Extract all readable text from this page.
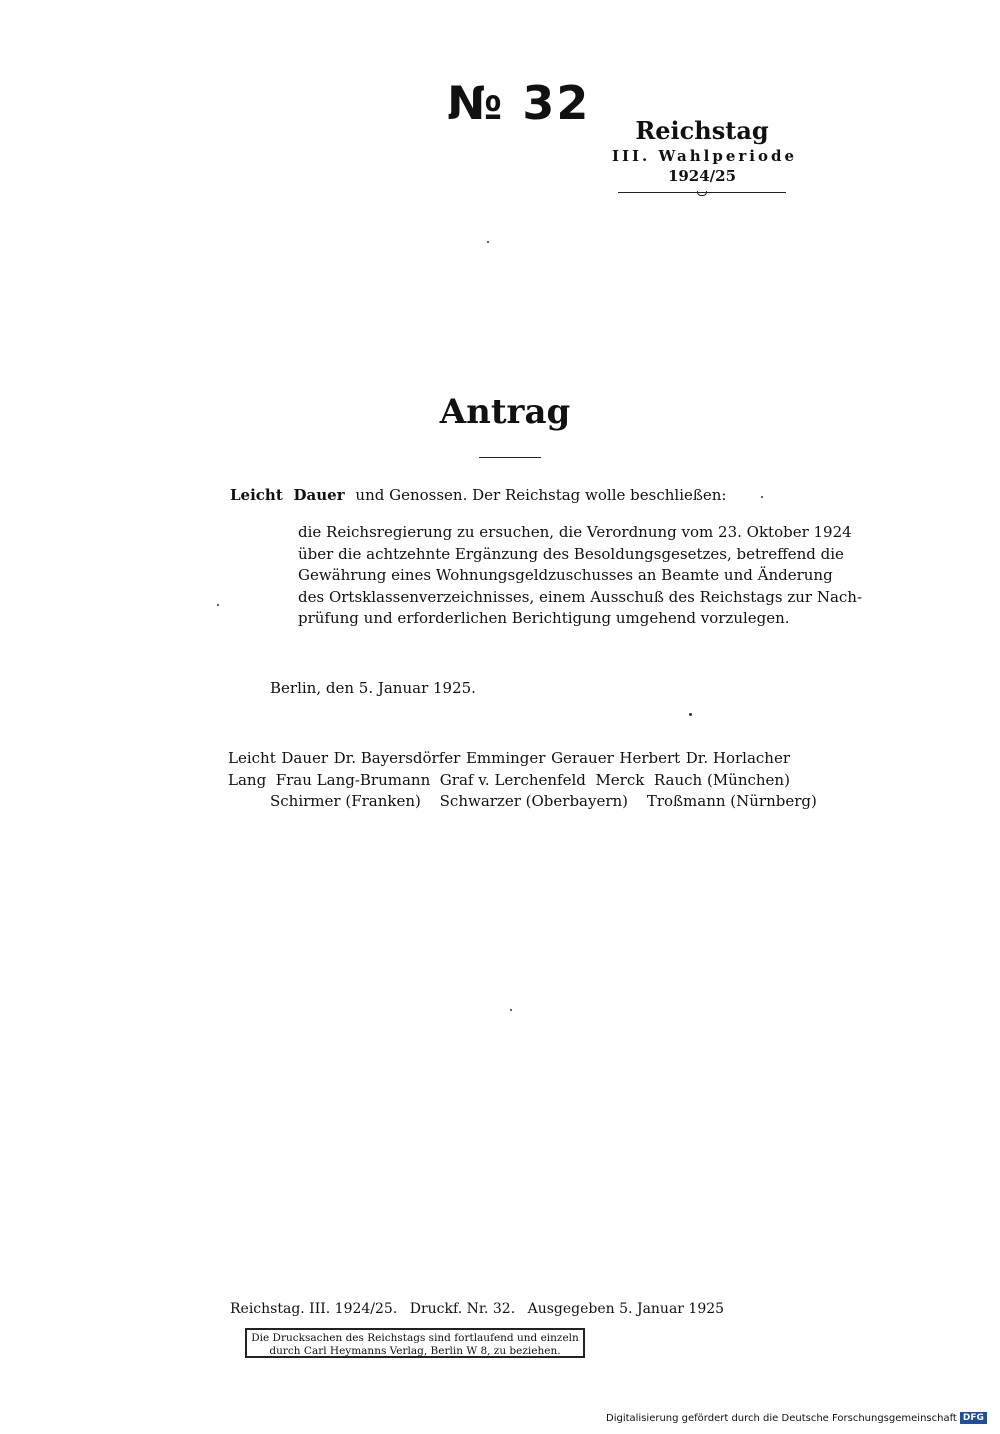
№ 32
Reichstag
III. Wahlperiode
1924/25
Antrag
Leicht Dauer und Genossen. Der Reichstag wolle beschließen:
die Reichsregierung zu ersuchen, die Verordnung vom 23. Oktober 1924
über die achtzehnte Ergänzung des Besoldungsgesetzes, betreffend die
Gewährung eines Wohnungsgeldzuschusses an Beamte und Änderung
des Ortsklassenverzeichnisses, einem Ausschuß des Reichstags zur Nach-
prüfung und erforderlichen Berichtigung umgehend vorzulegen.
Berlin, den 5. Januar 1925.
Leicht Dauer Dr. Bayersdörfer Emminger Gerauer Herbert Dr. Horlacher
Lang Frau Lang-Brumann Graf v. Lerchenfeld Merck Rauch (München)
Schirmer (Franken) Schwarzer (Oberbayern) Troßmann (Nürnberg)
Reichstag. III. 1924/25. Druckf. Nr. 32. Ausgegeben 5. Januar 1925
Die Drucksachen des Reichstags sind fortlaufend und einzeln durch Carl Heymanns Verlag, Berlin W 8, zu beziehen.
Digitalisierung gefördert durch die Deutsche Forschungsgemeinschaft DFG
